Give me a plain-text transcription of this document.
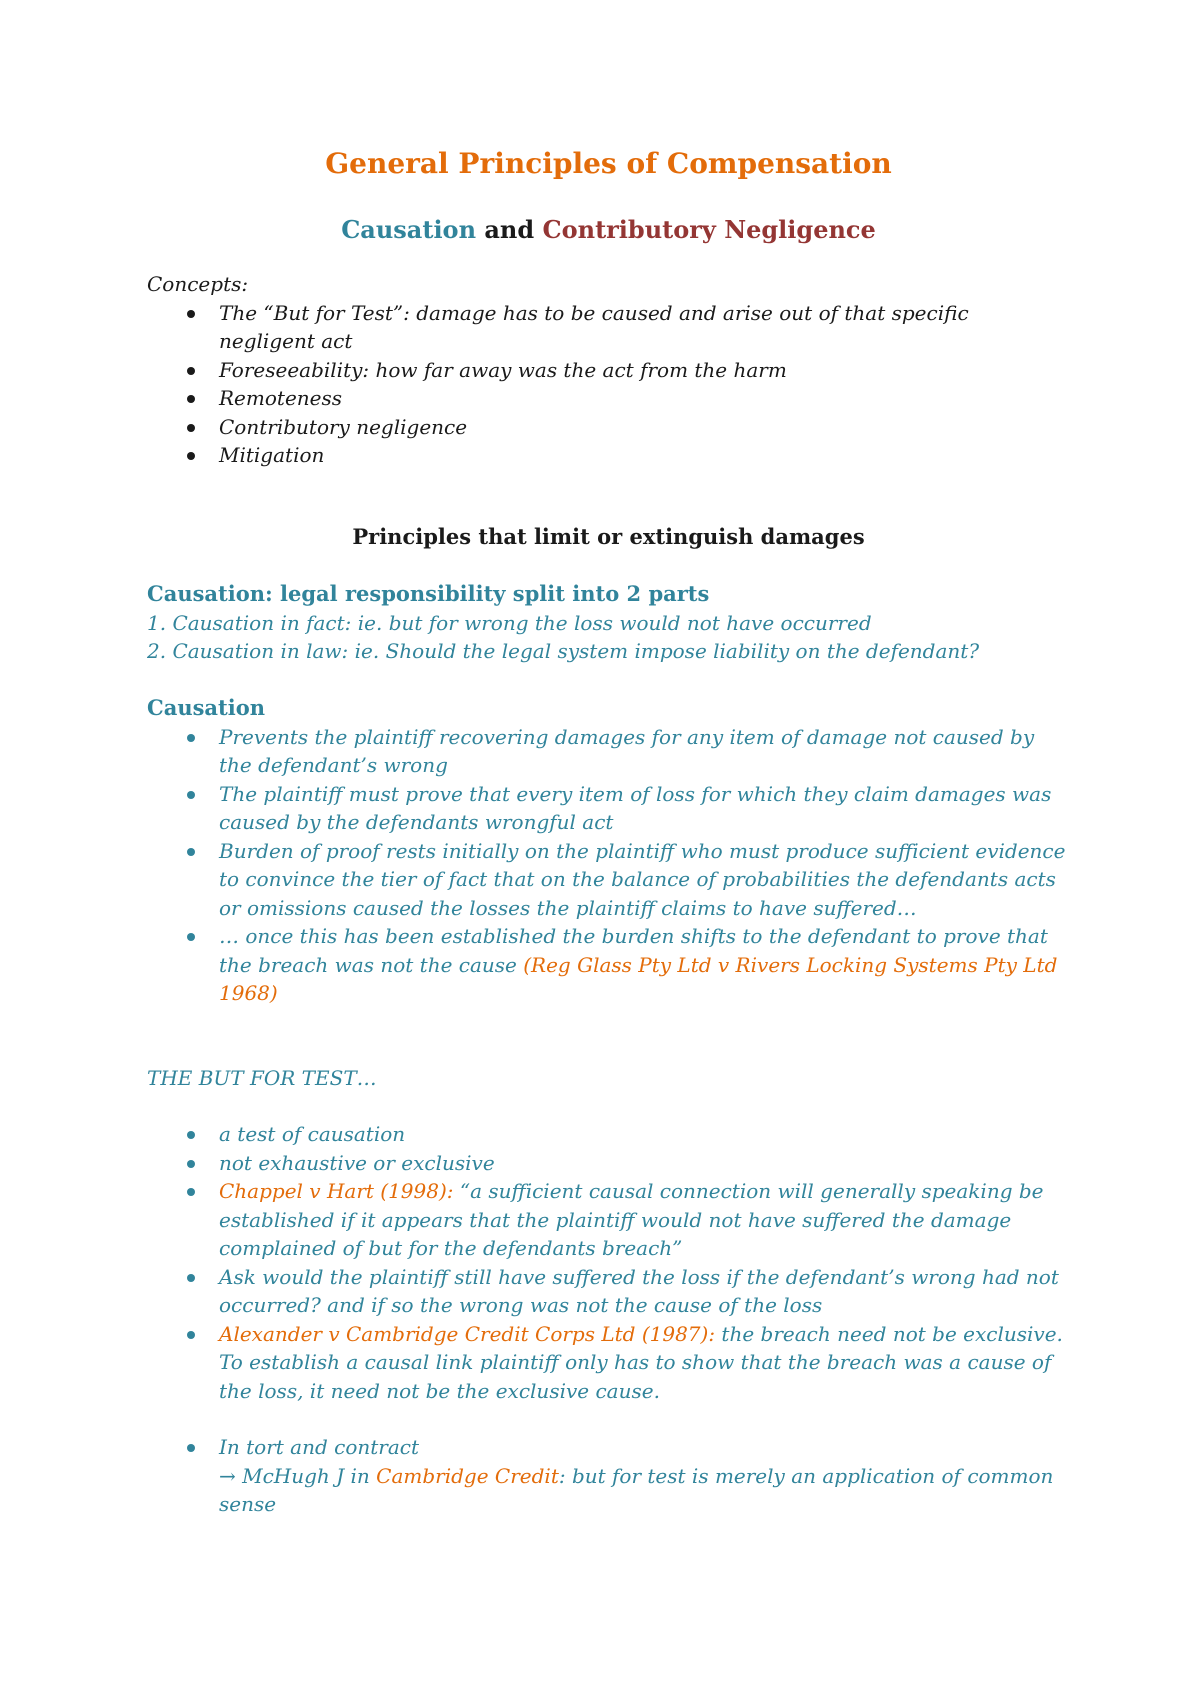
General Principles of Compensation
Causation and Contributory Negligence

Concepts:

The “But for Test”: damage has to be caused and arise out of that specific negligent act
Foreseeability: how far away was the act from the harm
Remoteness
Contributory negligence
Mitigation
Principles that limit or extinguish damages
Causation: legal responsibility split into 2 parts

1. Causation in fact: ie. but for wrong the loss would not have occurred

2. Causation in law: ie. Should the legal system impose liability on the defendant?

Causation
Prevents the plaintiff recovering damages for any item of damage not caused by the defendant’s wrong
The plaintiff must prove that every item of loss for which they claim damages was caused by the defendants wrongful act
Burden of proof rests initially on the plaintiff who must produce sufficient evidence to convince the tier of fact that on the balance of probabilities the defendants acts or omissions caused the losses the plaintiff claims to have suffered…
… once this has been established the burden shifts to the defendant to prove that the breach was not the cause (Reg Glass Pty Ltd v Rivers Locking Systems Pty Ltd 1968)

THE BUT FOR TEST…

a test of causation
not exhaustive or exclusive
Chappel v Hart (1998): “a sufficient causal connection will generally speaking be established if it appears that the plaintiff would not have suffered the damage complained of but for the defendants breach”
Ask would the plaintiff still have suffered the loss if the defendant’s wrong had not occurred? and if so the wrong was not the cause of the loss
Alexander v Cambridge Credit Corps Ltd (1987): the breach need not be exclusive. To establish a causal link plaintiff only has to show that the breach was a cause of the loss, it need not be the exclusive cause.
In tort and contract
→ McHugh J in Cambridge Credit: but for test is merely an application of common sense
